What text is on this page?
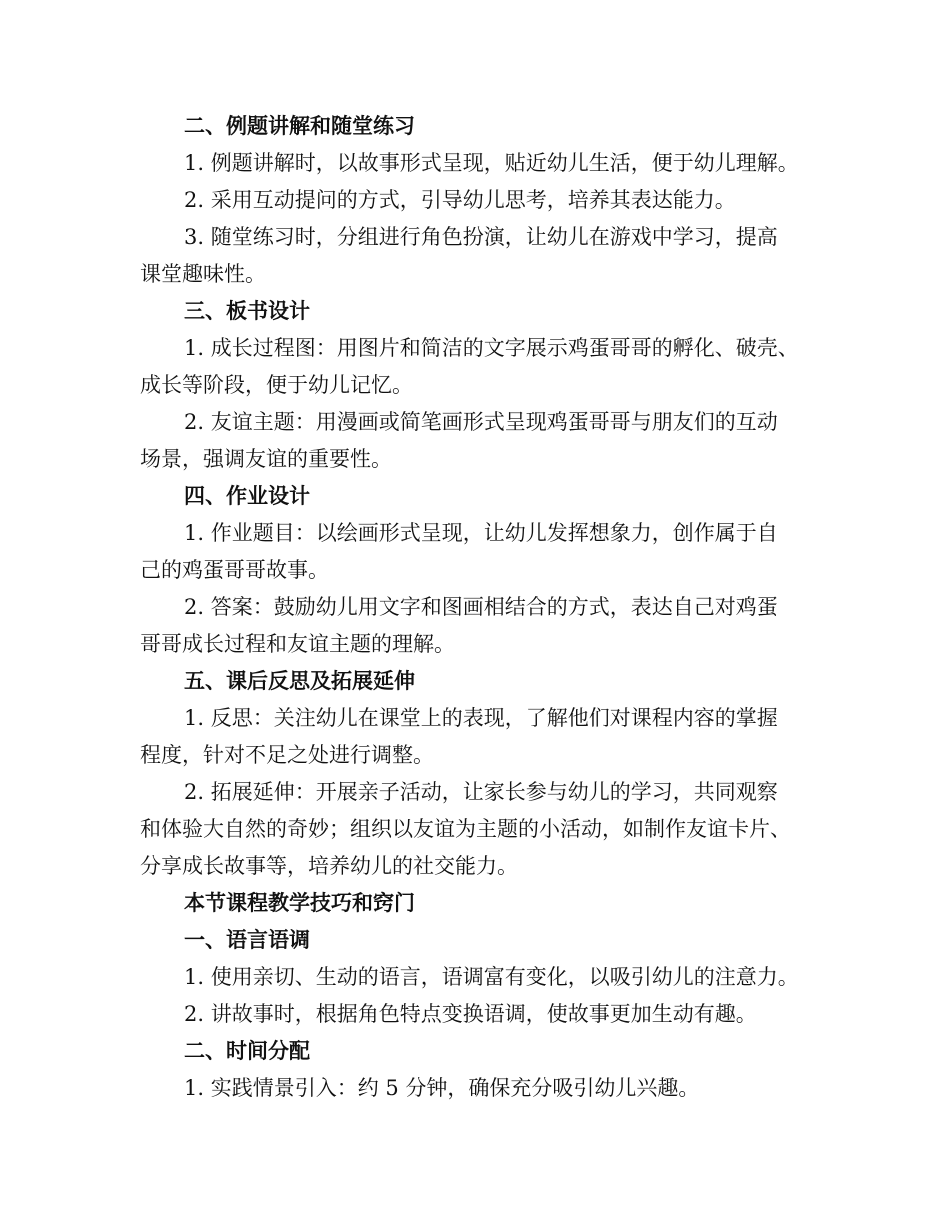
二、例题讲解和随堂练习

1. 例题讲解时，以故事形式呈现，贴近幼儿生活，便于幼儿理解。

2. 采用互动提问的方式，引导幼儿思考，培养其表达能力。

3. 随堂练习时，分组进行角色扮演，让幼儿在游戏中学习，提高

课堂趣味性。

三、板书设计

1. 成长过程图：用图片和简洁的文字展示鸡蛋哥哥的孵化、破壳、

成长等阶段，便于幼儿记忆。

2. 友谊主题：用漫画或简笔画形式呈现鸡蛋哥哥与朋友们的互动

场景，强调友谊的重要性。

四、作业设计

1. 作业题目：以绘画形式呈现，让幼儿发挥想象力，创作属于自

己的鸡蛋哥哥故事。

2. 答案：鼓励幼儿用文字和图画相结合的方式，表达自己对鸡蛋

哥哥成长过程和友谊主题的理解。

五、课后反思及拓展延伸

1. 反思：关注幼儿在课堂上的表现，了解他们对课程内容的掌握

程度，针对不足之处进行调整。

2. 拓展延伸：开展亲子活动，让家长参与幼儿的学习，共同观察

和体验大自然的奇妙；组织以友谊为主题的小活动，如制作友谊卡片、

分享成长故事等，培养幼儿的社交能力。

本节课程教学技巧和窍门

一、语言语调

1. 使用亲切、生动的语言，语调富有变化，以吸引幼儿的注意力。

2. 讲故事时，根据角色特点变换语调，使故事更加生动有趣。

二、时间分配

1. 实践情景引入：约 5 分钟，确保充分吸引幼儿兴趣。
